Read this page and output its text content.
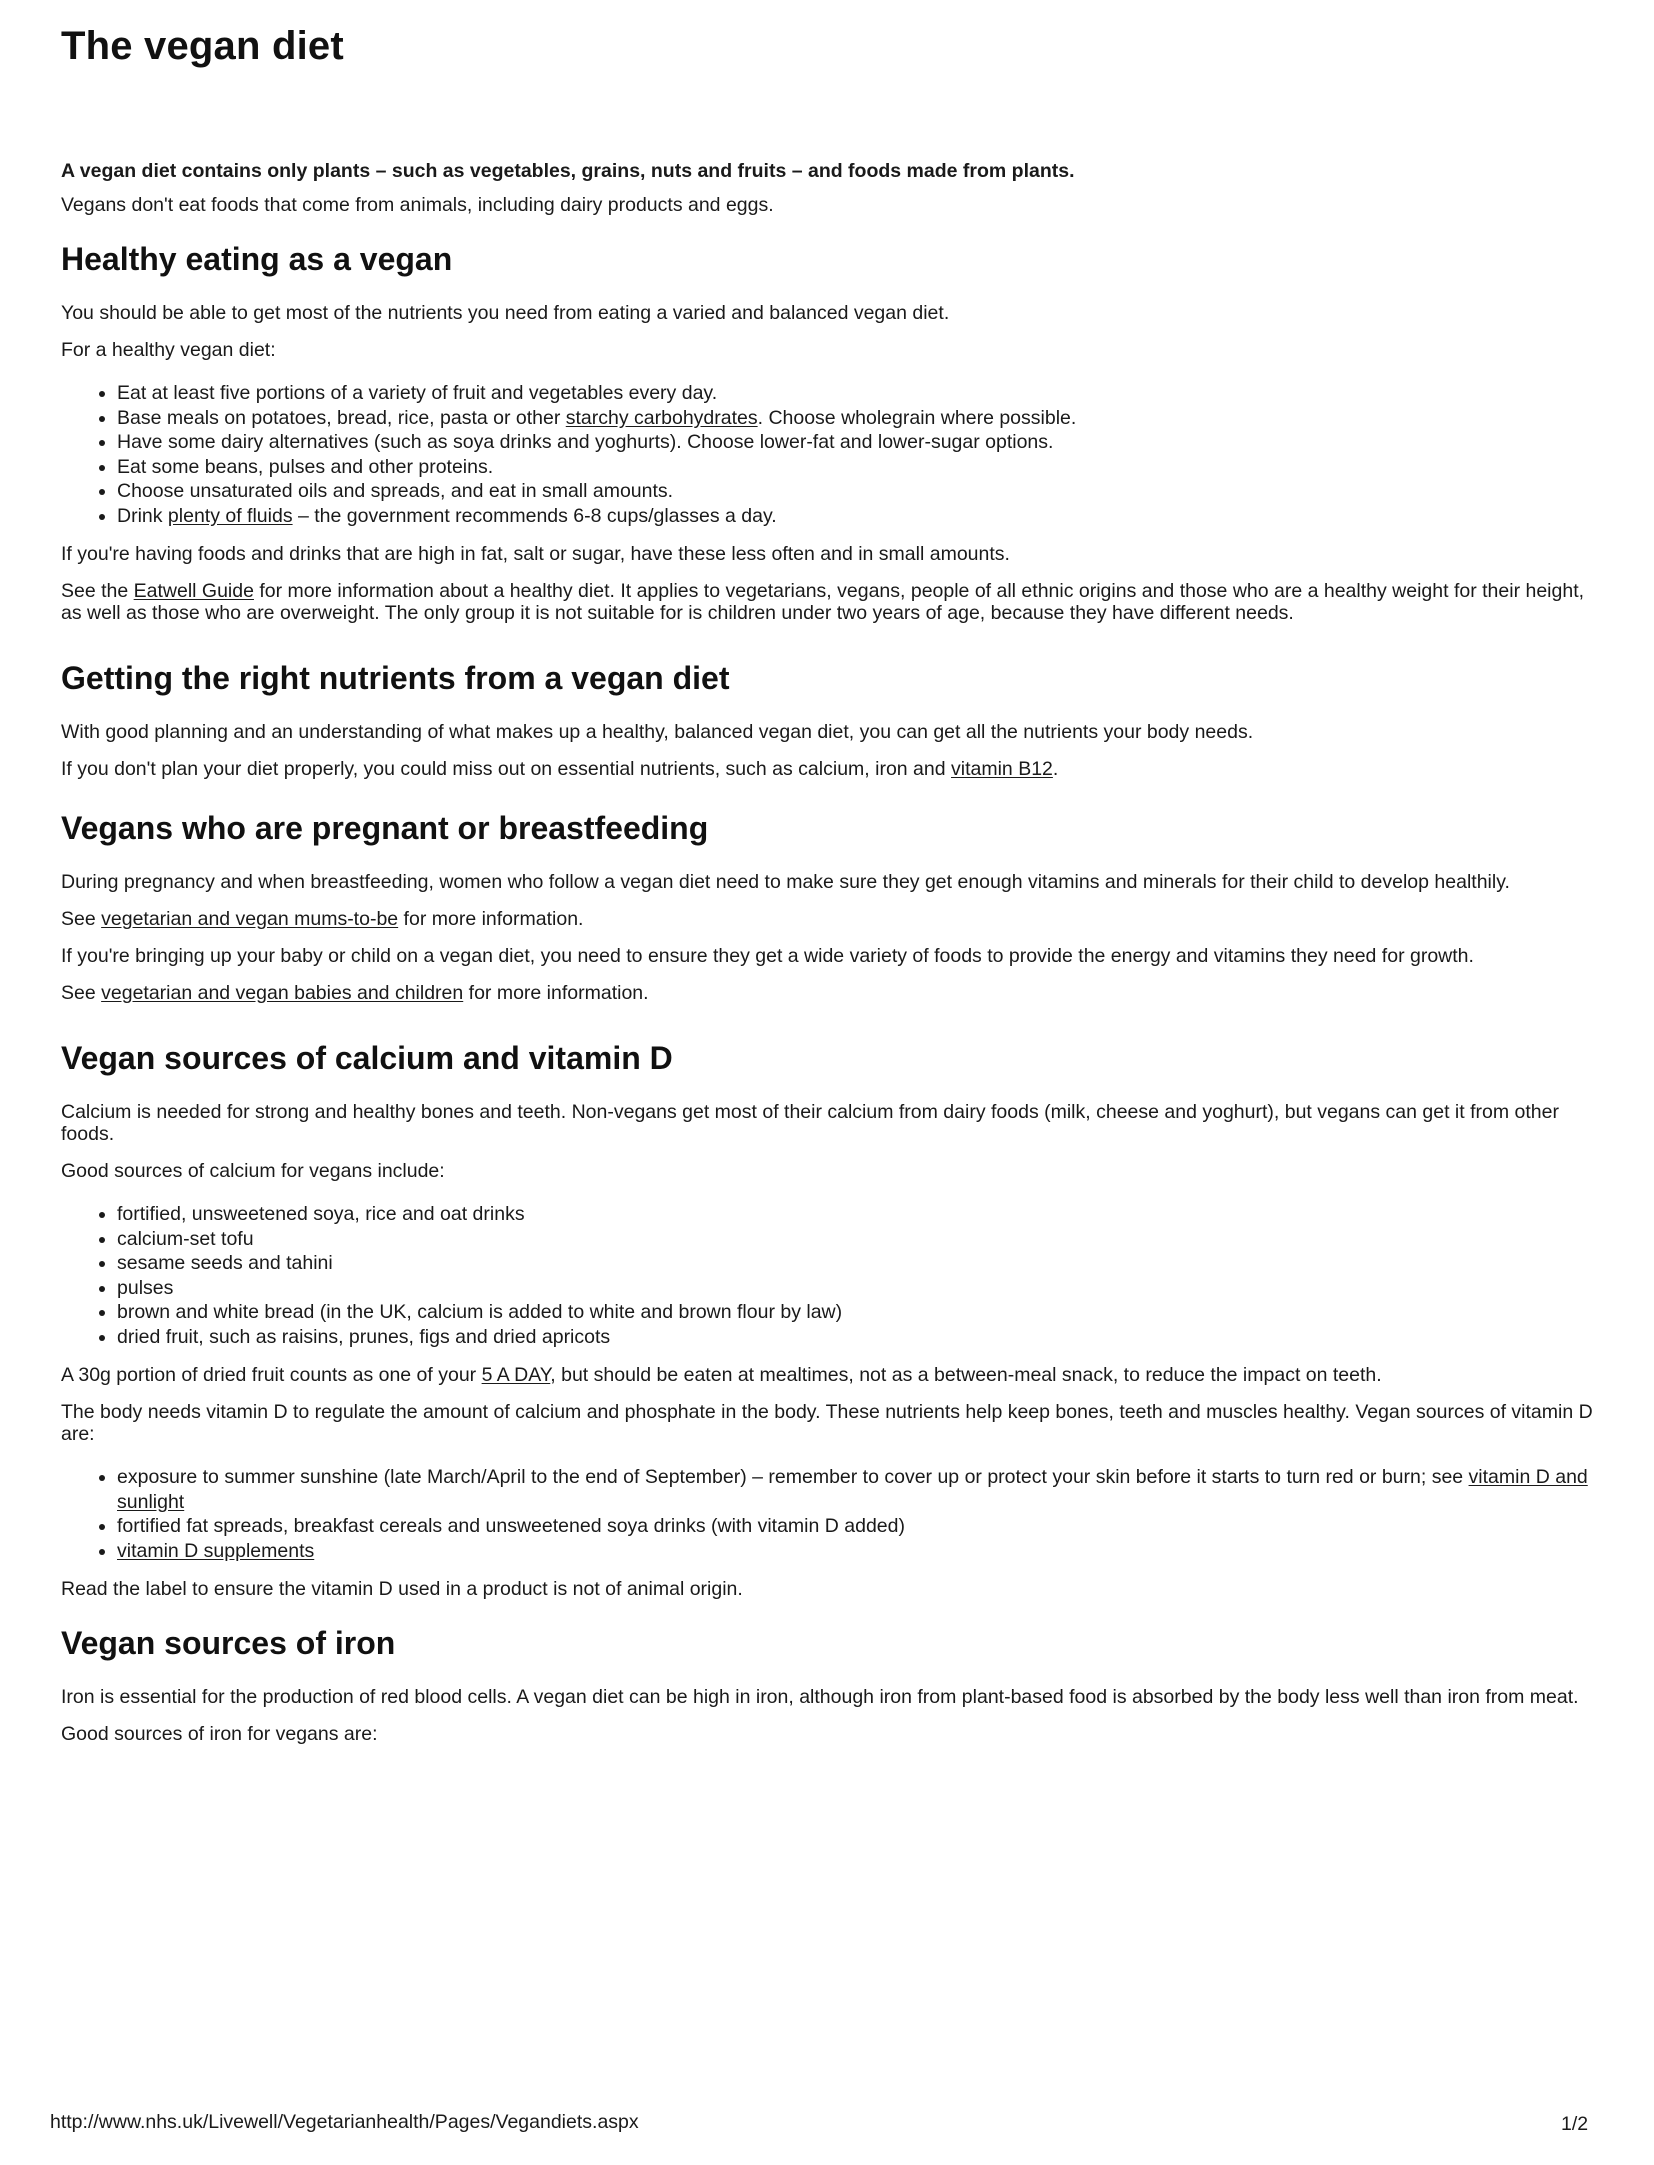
The vegan diet

A vegan diet contains only plants – such as vegetables, grains, nuts and fruits – and foods made from plants.

Vegans don't eat foods that come from animals, including dairy products and eggs.

Healthy eating as a vegan

You should be able to get most of the nutrients you need from eating a varied and balanced vegan diet.

For a healthy vegan diet:

• Eat at least five portions of a variety of fruit and vegetables every day.
• Base meals on potatoes, bread, rice, pasta or other starchy carbohydrates. Choose wholegrain where possible.
• Have some dairy alternatives (such as soya drinks and yoghurts). Choose lower-fat and lower-sugar options.
• Eat some beans, pulses and other proteins.
• Choose unsaturated oils and spreads, and eat in small amounts.
• Drink plenty of fluids – the government recommends 6-8 cups/glasses a day.

If you're having foods and drinks that are high in fat, salt or sugar, have these less often and in small amounts.

See the Eatwell Guide for more information about a healthy diet. It applies to vegetarians, vegans, people of all ethnic origins and those who are a healthy weight for their height, as well as those who are overweight. The only group it is not suitable for is children under two years of age, because they have different needs.

Getting the right nutrients from a vegan diet

With good planning and an understanding of what makes up a healthy, balanced vegan diet, you can get all the nutrients your body needs.

If you don't plan your diet properly, you could miss out on essential nutrients, such as calcium, iron and vitamin B12.

Vegans who are pregnant or breastfeeding

During pregnancy and when breastfeeding, women who follow a vegan diet need to make sure they get enough vitamins and minerals for their child to develop healthily.

See vegetarian and vegan mums-to-be for more information.

If you're bringing up your baby or child on a vegan diet, you need to ensure they get a wide variety of foods to provide the energy and vitamins they need for growth.

See vegetarian and vegan babies and children for more information.

Vegan sources of calcium and vitamin D

Calcium is needed for strong and healthy bones and teeth. Non-vegans get most of their calcium from dairy foods (milk, cheese and yoghurt), but vegans can get it from other foods.

Good sources of calcium for vegans include:

• fortified, unsweetened soya, rice and oat drinks
• calcium-set tofu
• sesame seeds and tahini
• pulses
• brown and white bread (in the UK, calcium is added to white and brown flour by law)
• dried fruit, such as raisins, prunes, figs and dried apricots

A 30g portion of dried fruit counts as one of your 5 A DAY, but should be eaten at mealtimes, not as a between-meal snack, to reduce the impact on teeth.

The body needs vitamin D to regulate the amount of calcium and phosphate in the body. These nutrients help keep bones, teeth and muscles healthy. Vegan sources of vitamin D are:

• exposure to summer sunshine (late March/April to the end of September) – remember to cover up or protect your skin before it starts to turn red or burn; see vitamin D and sunlight
• fortified fat spreads, breakfast cereals and unsweetened soya drinks (with vitamin D added)
• vitamin D supplements

Read the label to ensure the vitamin D used in a product is not of animal origin.

Vegan sources of iron

Iron is essential for the production of red blood cells. A vegan diet can be high in iron, although iron from plant-based food is absorbed by the body less well than iron from meat.

Good sources of iron for vegans are:

http://www.nhs.uk/Livewell/Vegetarianhealth/Pages/Vegandiets.aspx	1/2
